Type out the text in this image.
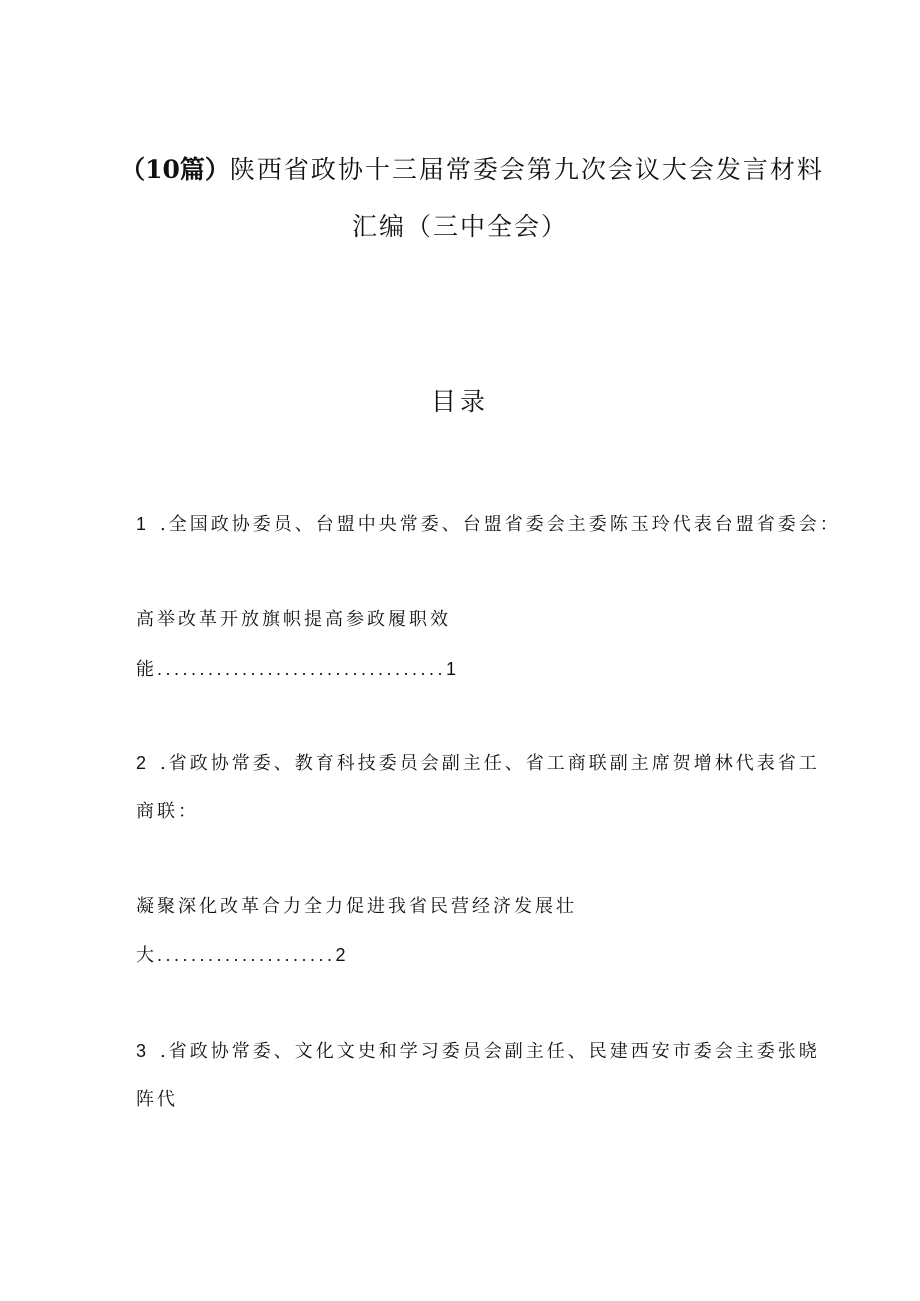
（10篇）陕西省政协十三届常委会第九次会议大会发言材料
汇编（三中全会）
目录
1 .全国政协委员、台盟中央常委、台盟省委会主委陈玉玲代表台盟省委会：
高举改革开放旗帜提高参政履职效
能..................................1
2 .省政协常委、教育科技委员会副主任、省工商联副主席贺增林代表省工
商联：
凝聚深化改革合力全力促进我省民营经济发展壮
大.....................2
3 .省政协常委、文化文史和学习委员会副主任、民建西安市委会主委张晓
阵代
